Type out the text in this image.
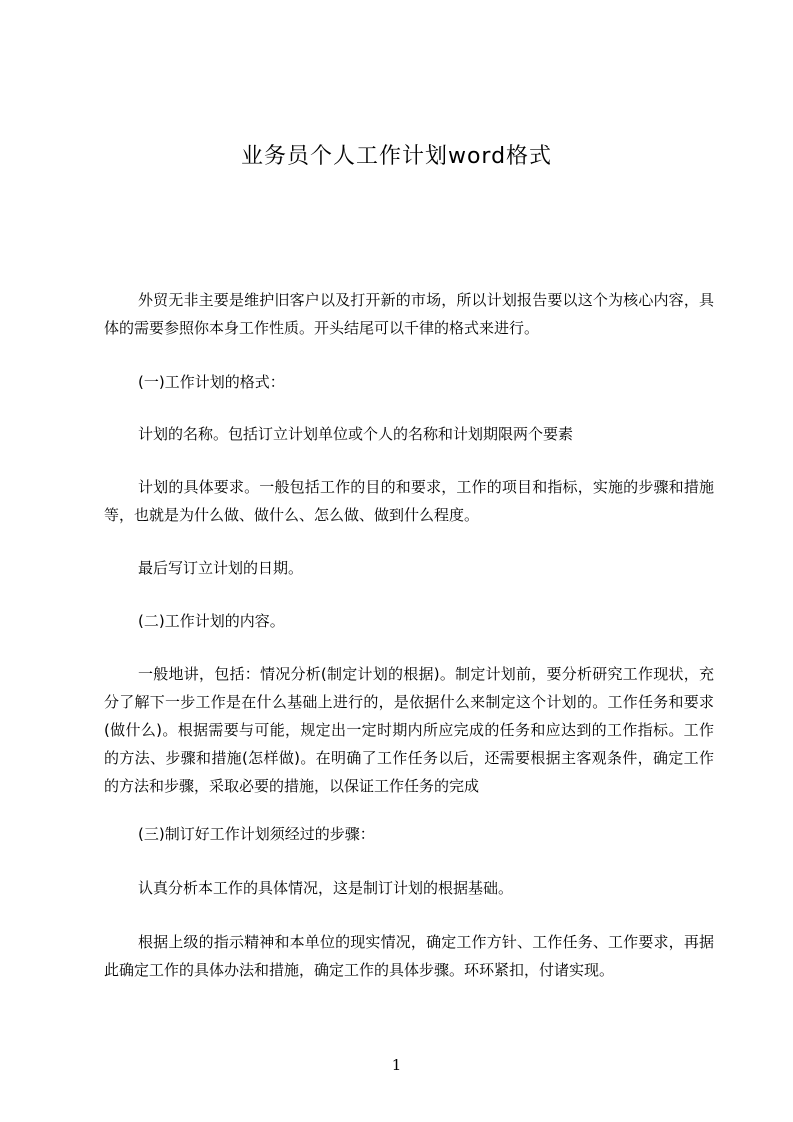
业务员个人工作计划word格式

外贸无非主要是维护旧客户以及打开新的市场，所以计划报告要以这个为核心内容，具体的需要参照你本身工作性质。开头结尾可以千律的格式来进行。

(一)工作计划的格式：

计划的名称。包括订立计划单位或个人的名称和计划期限两个要素

计划的具体要求。一般包括工作的目的和要求，工作的项目和指标，实施的步骤和措施等，也就是为什么做、做什么、怎么做、做到什么程度。

最后写订立计划的日期。

(二)工作计划的内容。

一般地讲，包括：情况分析(制定计划的根据)。制定计划前，要分析研究工作现状，充分了解下一步工作是在什么基础上进行的，是依据什么来制定这个计划的。工作任务和要求(做什么)。根据需要与可能，规定出一定时期内所应完成的任务和应达到的工作指标。工作的方法、步骤和措施(怎样做)。在明确了工作任务以后，还需要根据主客观条件，确定工作的方法和步骤，采取必要的措施，以保证工作任务的完成

(三)制订好工作计划须经过的步骤：

认真分析本工作的具体情况，这是制订计划的根据基础。

根据上级的指示精神和本单位的现实情况，确定工作方针、工作任务、工作要求，再据此确定工作的具体办法和措施，确定工作的具体步骤。环环紧扣，付诸实现。

1
